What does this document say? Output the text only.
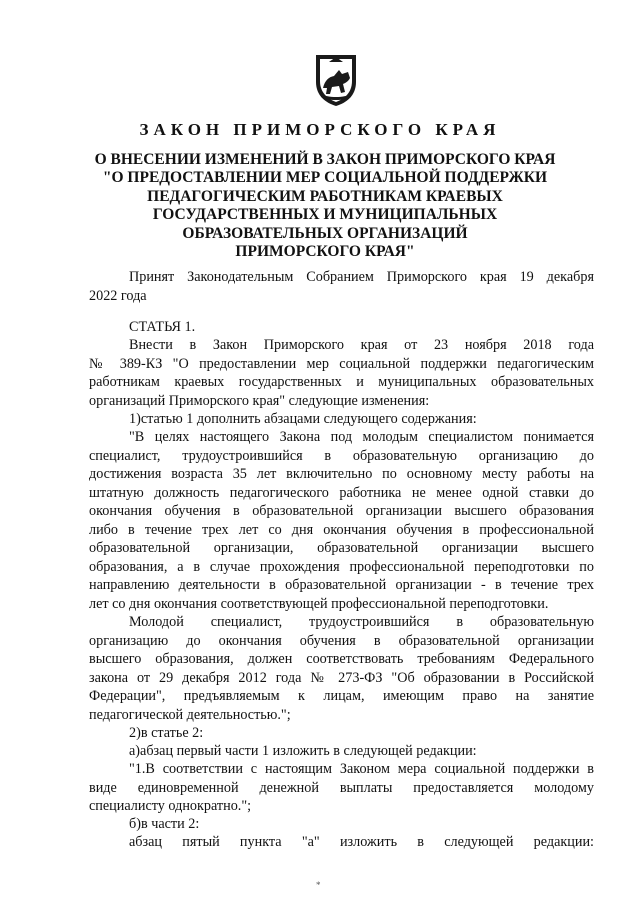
ЗАКОН ПРИМОРСКОГО КРАЯ
О ВНЕСЕНИИ ИЗМЕНЕНИЙ В ЗАКОН ПРИМОРСКОГО КРАЯ
"О ПРЕДОСТАВЛЕНИИ МЕР СОЦИАЛЬНОЙ ПОДДЕРЖКИ
ПЕДАГОГИЧЕСКИМ РАБОТНИКАМ КРАЕВЫХ
ГОСУДАРСТВЕННЫХ И МУНИЦИПАЛЬНЫХ
ОБРАЗОВАТЕЛЬНЫХ ОРГАНИЗАЦИЙ
ПРИМОРСКОГО КРАЯ"

Принят Законодательным Собранием Приморского края 19 декабря
2022 года

СТАТЬЯ 1.

Внести в Закон Приморского края от 23 ноября 2018 года
№ 389-КЗ "О предоставлении мер социальной поддержки педагогическим
работникам краевых государственных и муниципальных образовательных
организаций Приморского края" следующие изменения:

1)статью 1 дополнить абзацами следующего содержания:

"В целях настоящего Закона под молодым специалистом понимается
специалист, трудоустроившийся в образовательную организацию до
достижения возраста 35 лет включительно по основному месту работы на
штатную должность педагогического работника не менее одной ставки до
окончания обучения в образовательной организации высшего образования
либо в течение трех лет со дня окончания обучения в профессиональной
образовательной организации, образовательной организации высшего
образования, а в случае прохождения профессиональной переподготовки по
направлению деятельности в образовательной организации - в течение трех
лет со дня окончания соответствующей профессиональной переподготовки.

Молодой специалист, трудоустроившийся в образовательную
организацию до окончания обучения в образовательной организации
высшего образования, должен соответствовать требованиям Федерального
закона от 29 декабря 2012 года № 273-ФЗ "Об образовании в Российской
Федерации", предъявляемым к лицам, имеющим право на занятие
педагогической деятельностью.";

2)в статье 2:

а)абзац первый части 1 изложить в следующей редакции:

"1.В соответствии с настоящим Законом мера социальной поддержки в
виде единовременной денежной выплаты предоставляется молодому
специалисту однократно.";

б)в части 2:

абзац пятый пункта "а" изложить в следующей редакции:

*
